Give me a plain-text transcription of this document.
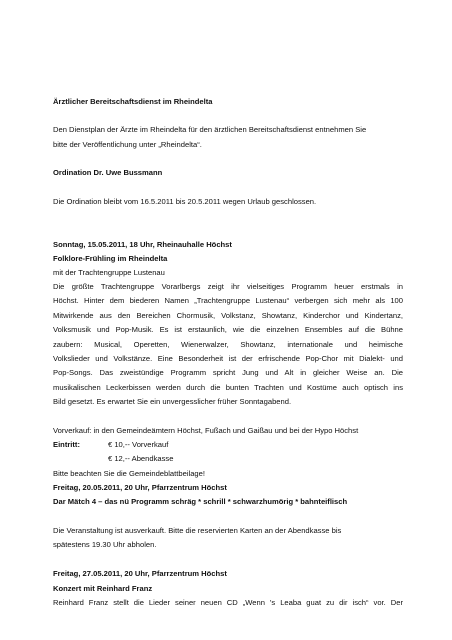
Ärztlicher Bereitschaftsdienst im Rheindelta
Den Dienstplan der Ärzte im Rheindelta für den ärztlichen Bereitschaftsdienst entnehmen Sie
bitte der Veröffentlichung unter „Rheindelta“.
Ordination Dr. Uwe Bussmann
Die Ordination bleibt vom 16.5.2011 bis 20.5.2011 wegen Urlaub geschlossen.
Sonntag, 15.05.2011, 18 Uhr, Rheinauhalle Höchst
Folklore-Frühling im Rheindelta
mit der Trachtengruppe Lustenau
Die größte Trachtengruppe Vorarlbergs zeigt ihr vielseitiges Programm heuer erstmals in
Höchst. Hinter dem biederen Namen „Trachtengruppe Lustenau“ verbergen sich mehr als 100
Mitwirkende aus den Bereichen Chormusik, Volkstanz, Showtanz, Kinderchor und Kindertanz,
Volksmusik und Pop-Musik. Es ist erstaunlich, wie die einzelnen Ensembles auf die Bühne
zaubern: Musical, Operetten, Wienerwalzer, Showtanz, internationale und heimische
Volkslieder und Volkstänze. Eine Besonderheit ist der erfrischende Pop-Chor mit Dialekt- und
Pop-Songs. Das zweistündige Programm spricht Jung und Alt in gleicher Weise an. Die
musikalischen Leckerbissen werden durch die bunten Trachten und Kostüme auch optisch ins
Bild gesetzt. Es erwartet Sie ein unvergesslicher früher Sonntagabend.
Vorverkauf: in den Gemeindeämtern Höchst, Fußach und Gaißau und bei der Hypo Höchst
Eintritt:	€ 10,-- Vorverkauf
€ 12,-- Abendkasse
Bitte beachten Sie die Gemeindeblattbeilage!
Freitag, 20.05.2011, 20 Uhr, Pfarrzentrum Höchst
Dar Mätch 4 – das nü Programm schräg * schrill * schwarzhumörig * bahnteiflisch
Die Veranstaltung ist ausverkauft. Bitte die reservierten Karten an der Abendkasse bis
spätestens 19.30 Uhr abholen.
Freitag, 27.05.2011, 20 Uhr, Pfarrzentrum Höchst
Konzert mit Reinhard Franz
Reinhard Franz stellt die Lieder seiner neuen CD „Wenn 's Leaba guat zu dir isch“ vor. Der
